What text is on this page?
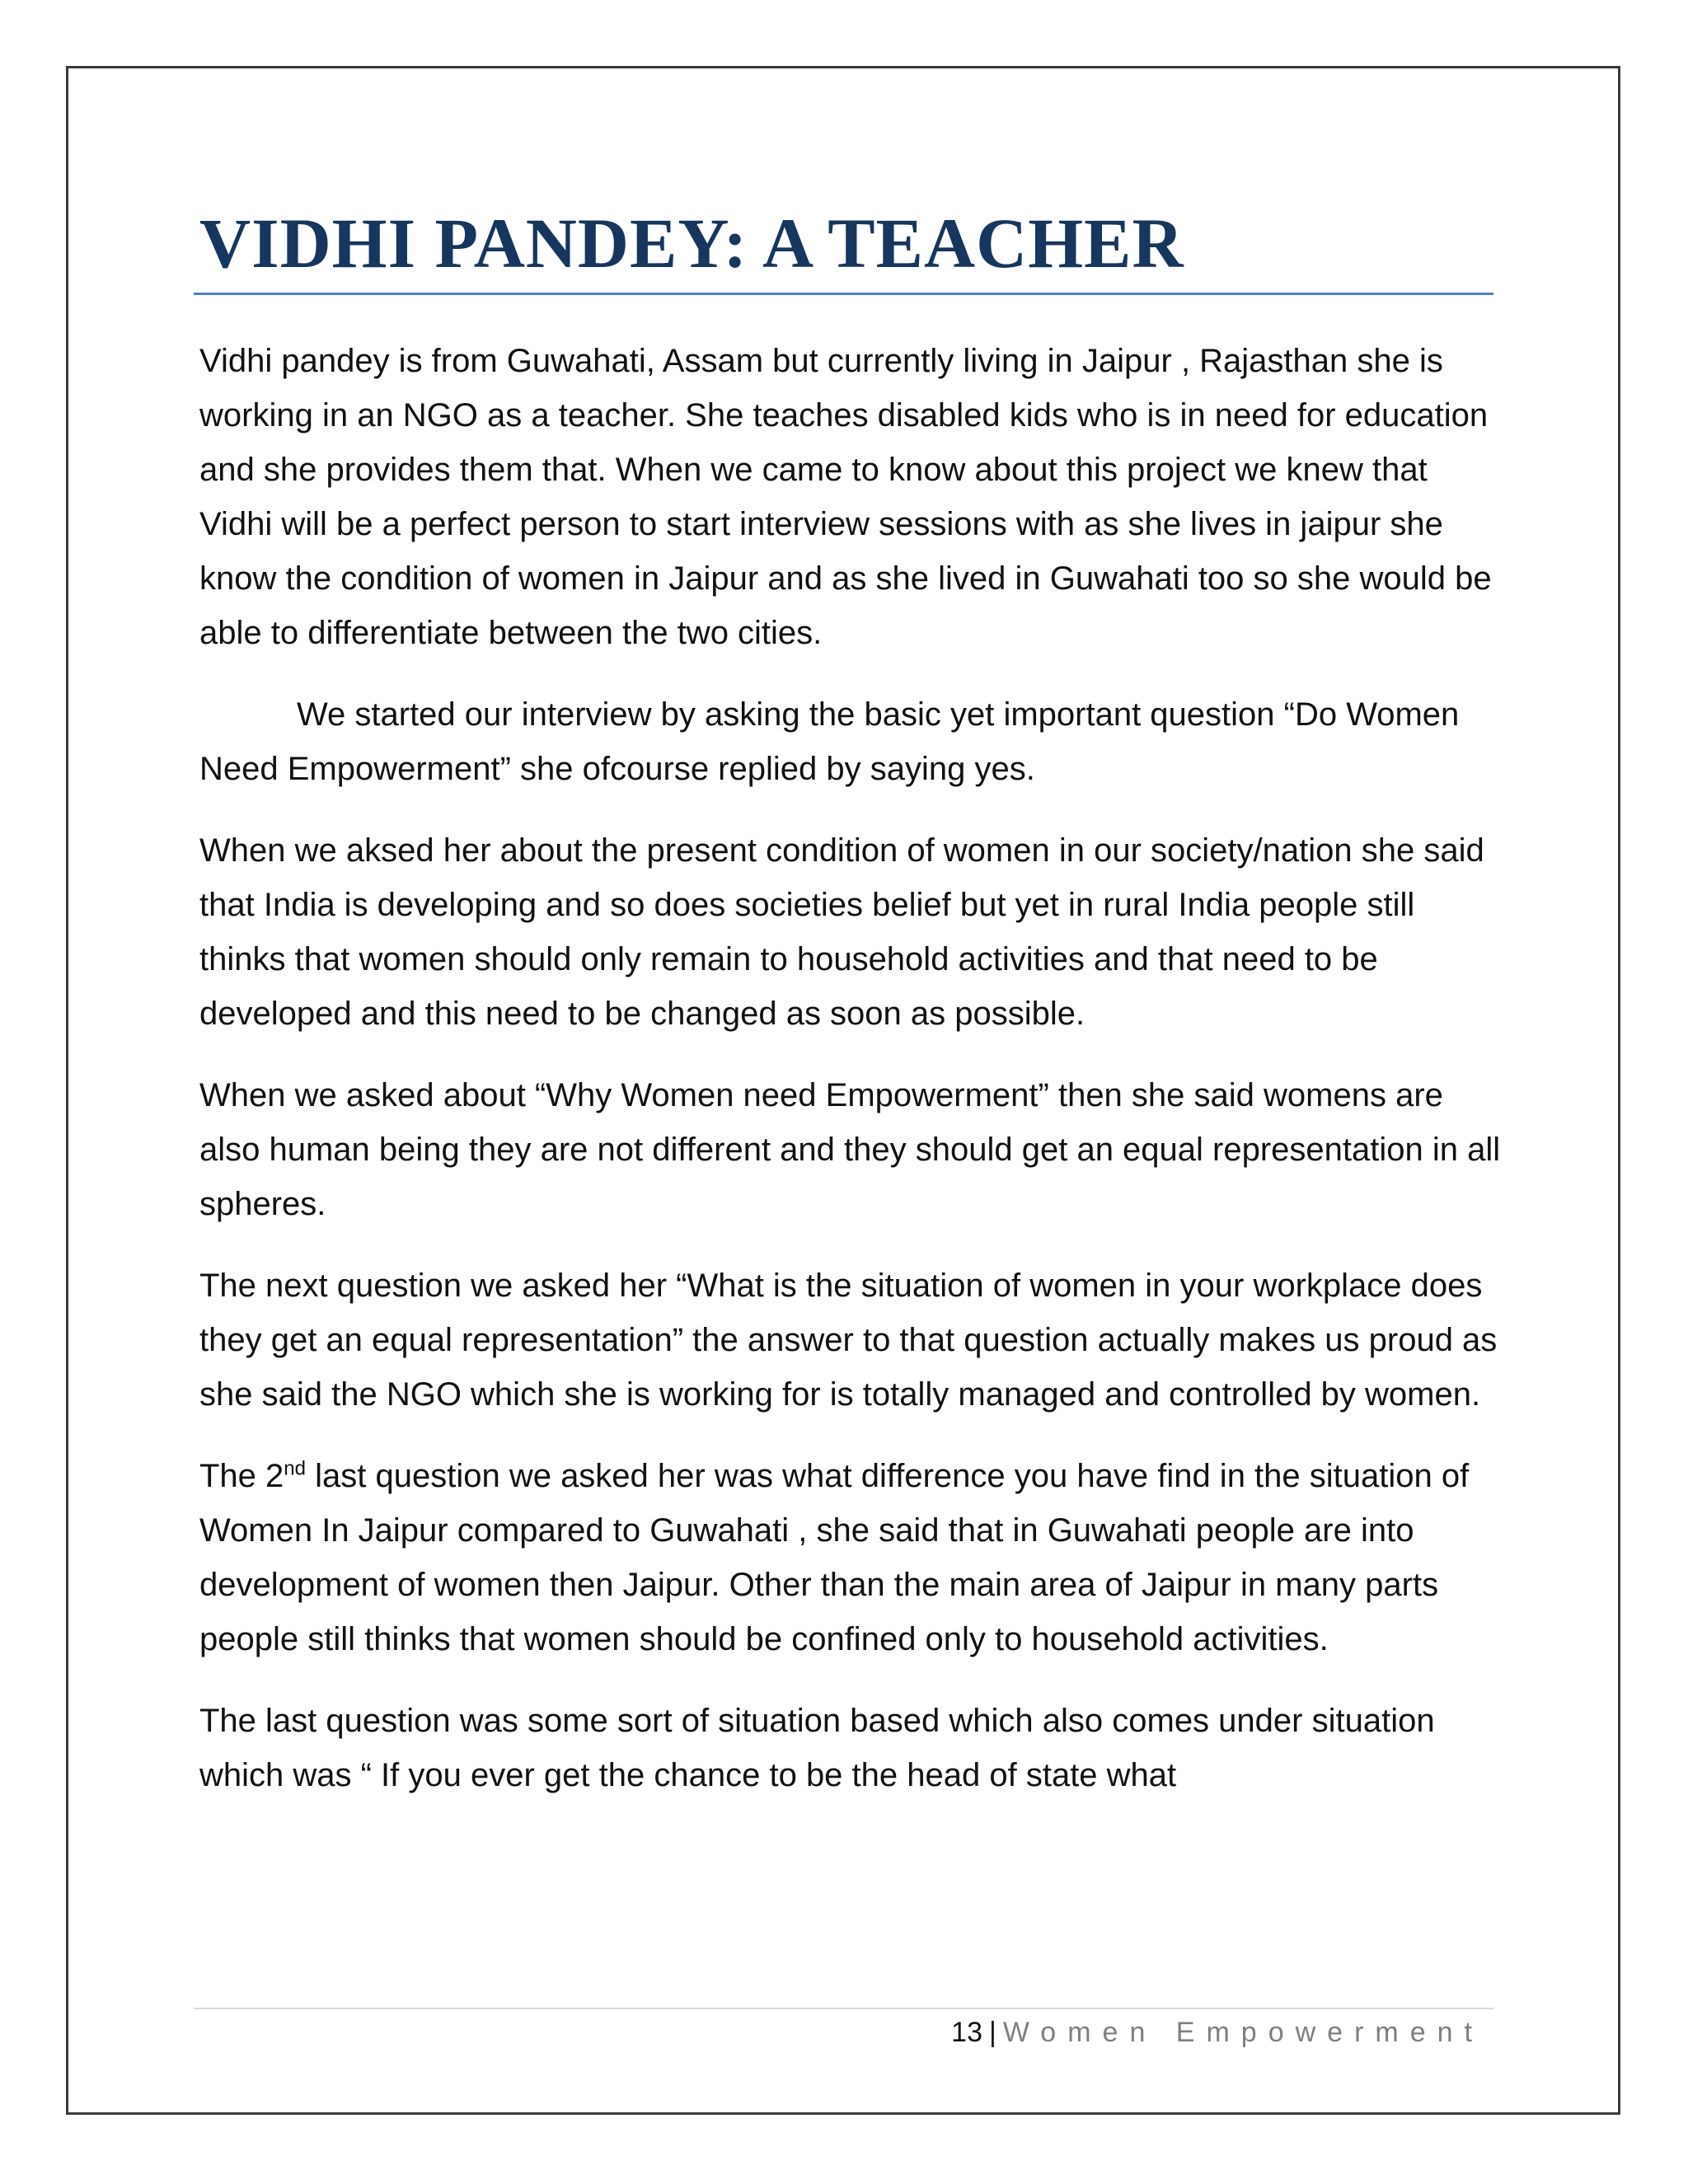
VIDHI PANDEY: A TEACHER

Vidhi pandey is from Guwahati, Assam but currently living in Jaipur , Rajasthan she is working in an NGO as a teacher. She teaches disabled kids who is in need for education and she provides them that. When we came to know about this project we knew that Vidhi will be a perfect person to start interview sessions with as she lives in jaipur she know the condition of women in Jaipur and as she lived in Guwahati too so she would be able to differentiate between the two cities.

We started our interview by asking the basic yet important question “Do Women Need Empowerment” she ofcourse replied by saying yes.

When we aksed her about the present condition of women in our society/nation she said that India is developing and so does societies belief but yet in rural India people still thinks that women should only remain to household activities and that need to be developed and this need to be changed as soon as possible.

When we asked about “Why Women need Empowerment” then she said womens are also human being they are not different and they should get an equal representation in all spheres.

The next question we asked her “What is the situation of women in your workplace does they get an equal representation” the answer to that question actually makes us proud as she said the NGO which she is working for is totally managed and controlled by women.

The 2nd last question we asked her was what difference you have find in the situation of Women In Jaipur compared to Guwahati , she said that in Guwahati people are into development of women then Jaipur. Other than the main area of Jaipur in many parts people still thinks that women should be confined only to household activities.

The last question was some sort of situation based which also comes under situation which was “ If you ever get the chance to be the head of state what

13 | Women Empowerment
